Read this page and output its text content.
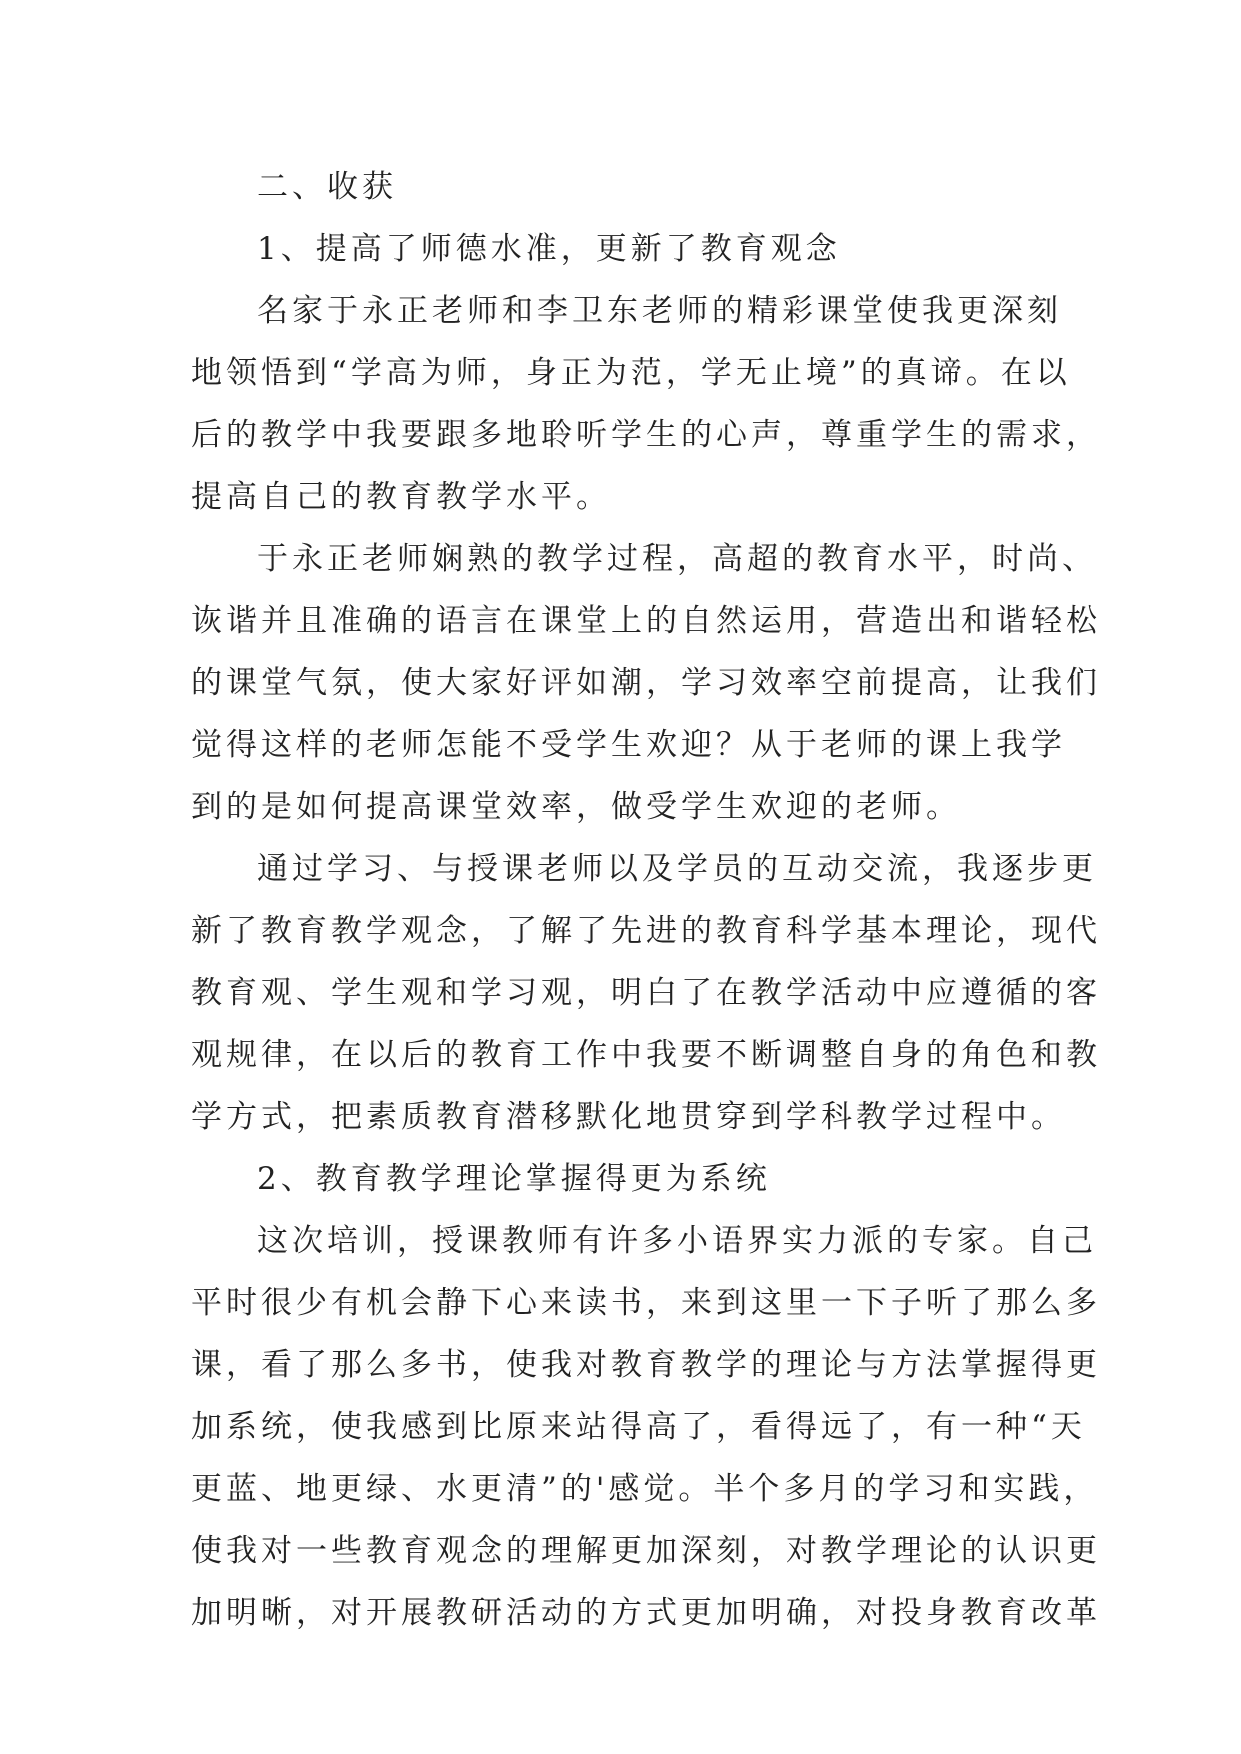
二、收获
1、提高了师德水准，更新了教育观念
名家于永正老师和李卫东老师的精彩课堂使我更深刻
地领悟到“学高为师，身正为范，学无止境”的真谛。在以
后的教学中我要跟多地聆听学生的心声，尊重学生的需求，
提高自己的教育教学水平。
于永正老师娴熟的教学过程，高超的教育水平，时尚、
诙谐并且准确的语言在课堂上的自然运用，营造出和谐轻松
的课堂气氛，使大家好评如潮，学习效率空前提高，让我们
觉得这样的老师怎能不受学生欢迎？从于老师的课上我学
到的是如何提高课堂效率，做受学生欢迎的老师。
通过学习、与授课老师以及学员的互动交流，我逐步更
新了教育教学观念，了解了先进的教育科学基本理论，现代
教育观、学生观和学习观，明白了在教学活动中应遵循的客
观规律，在以后的教育工作中我要不断调整自身的角色和教
学方式，把素质教育潜移默化地贯穿到学科教学过程中。
2、教育教学理论掌握得更为系统
这次培训，授课教师有许多小语界实力派的专家。自己
平时很少有机会静下心来读书，来到这里一下子听了那么多
课，看了那么多书，使我对教育教学的理论与方法掌握得更
加系统，使我感到比原来站得高了，看得远了，有一种“天
更蓝、地更绿、水更清”的'感觉。半个多月的学习和实践，
使我对一些教育观念的理解更加深刻，对教学理论的认识更
加明晰，对开展教研活动的方式更加明确，对投身教育改革
